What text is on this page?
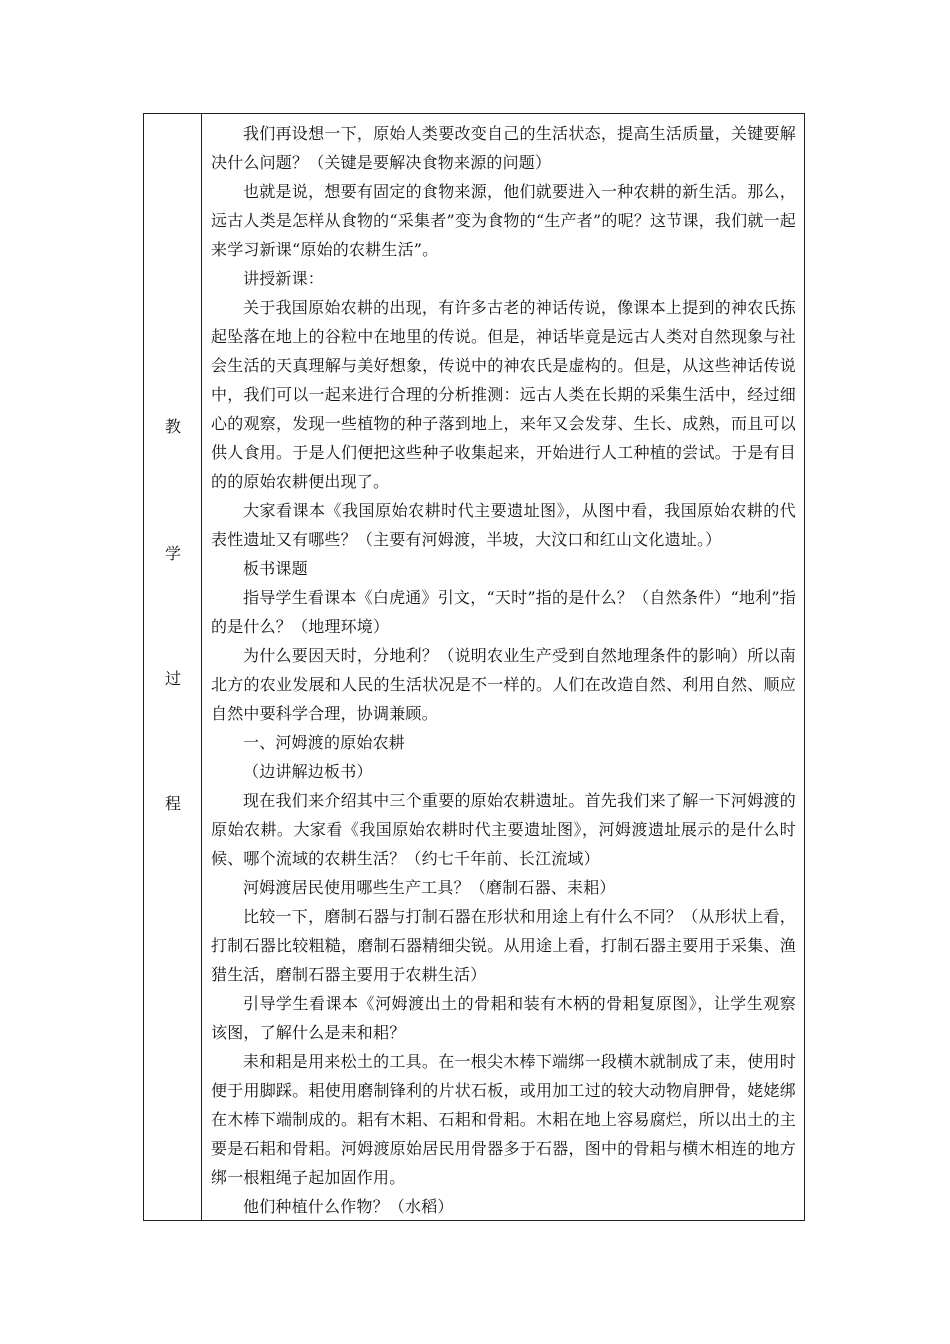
教
学
过
程

我们再设想一下，原始人类要改变自己的生活状态，提高生活质量，关键要解决什么问题？（关键是要解决食物来源的问题）

也就是说，想要有固定的食物来源，他们就要进入一种农耕的新生活。那么，远古人类是怎样从食物的“采集者”变为食物的“生产者”的呢？这节课，我们就一起来学习新课“原始的农耕生活”。

讲授新课：

关于我国原始农耕的出现，有许多古老的神话传说，像课本上提到的神农氏拣起坠落在地上的谷粒中在地里的传说。但是，神话毕竟是远古人类对自然现象与社会生活的天真理解与美好想象，传说中的神农氏是虚构的。但是，从这些神话传说中，我们可以一起来进行合理的分析推测：远古人类在长期的采集生活中，经过细心的观察，发现一些植物的种子落到地上，来年又会发芽、生长、成熟，而且可以供人食用。于是人们便把这些种子收集起来，开始进行人工种植的尝试。于是有目的的原始农耕便出现了。

大家看课本《我国原始农耕时代主要遗址图》，从图中看，我国原始农耕的代表性遗址又有哪些？（主要有河姆渡，半坡，大汶口和红山文化遗址。）

板书课题

指导学生看课本《白虎通》引文，“天时”指的是什么？（自然条件）“地利”指的是什么？（地理环境）

为什么要因天时，分地利？（说明农业生产受到自然地理条件的影响）所以南北方的农业发展和人民的生活状况是不一样的。人们在改造自然、利用自然、顺应自然中要科学合理，协调兼顾。

一、河姆渡的原始农耕

（边讲解边板书）

现在我们来介绍其中三个重要的原始农耕遗址。首先我们来了解一下河姆渡的原始农耕。大家看《我国原始农耕时代主要遗址图》，河姆渡遗址展示的是什么时候、哪个流域的农耕生活？（约七千年前、长江流域）

河姆渡居民使用哪些生产工具？（磨制石器、耒耜）

比较一下，磨制石器与打制石器在形状和用途上有什么不同？（从形状上看，打制石器比较粗糙，磨制石器精细尖锐。从用途上看，打制石器主要用于采集、渔猎生活，磨制石器主要用于农耕生活）

引导学生看课本《河姆渡出土的骨耜和装有木柄的骨耜复原图》，让学生观察该图，了解什么是耒和耜？

耒和耜是用来松土的工具。在一根尖木棒下端绑一段横木就制成了耒，使用时便于用脚踩。耜使用磨制锋利的片状石板，或用加工过的较大动物肩胛骨，姥姥绑在木棒下端制成的。耜有木耜、石耜和骨耜。木耜在地上容易腐烂，所以出土的主要是石耜和骨耜。河姆渡原始居民用骨器多于石器，图中的骨耜与横木相连的地方绑一根粗绳子起加固作用。

他们种植什么作物？（水稻）
